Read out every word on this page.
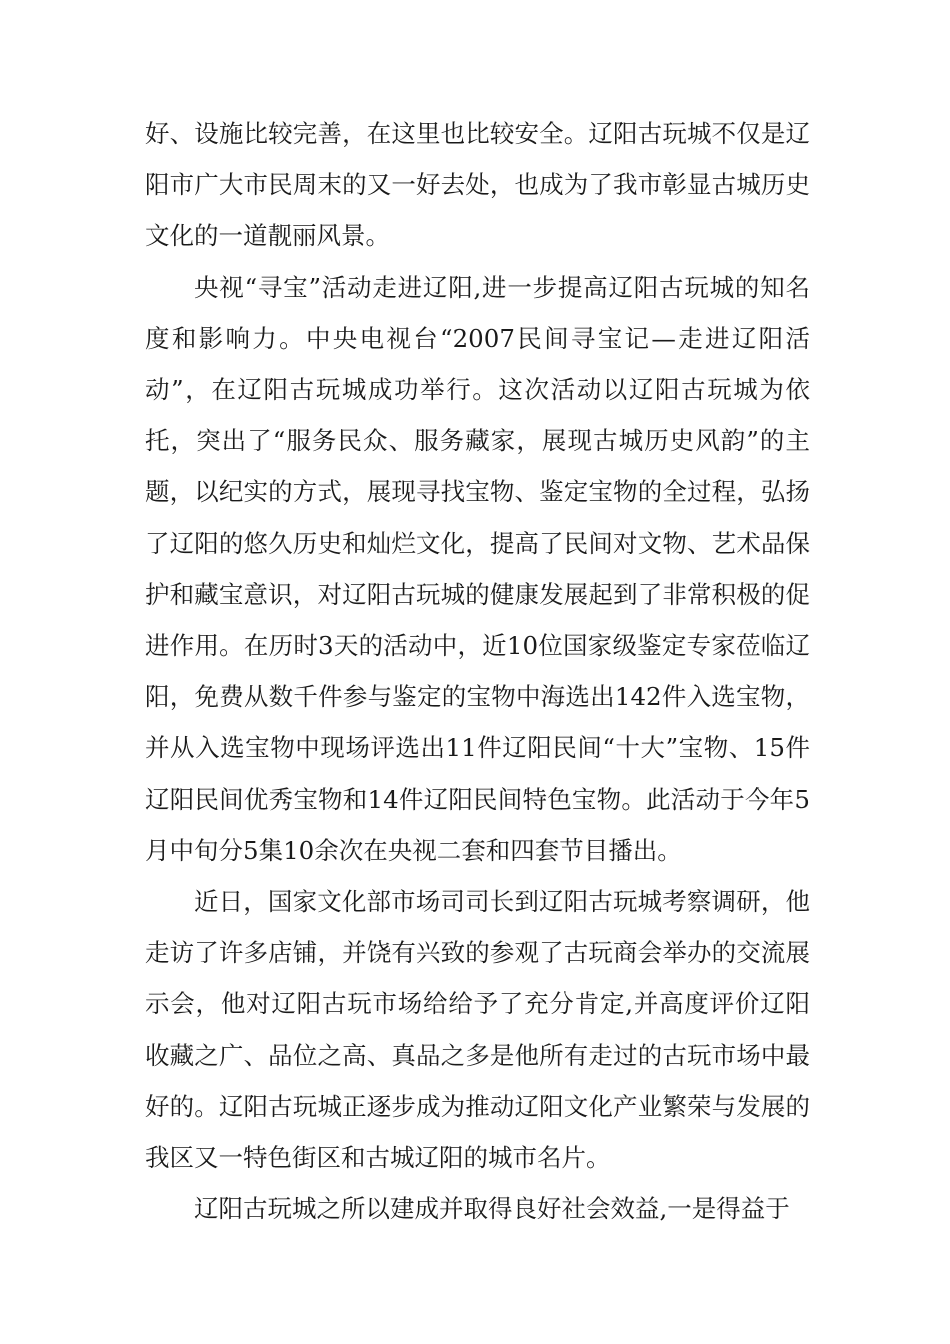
好、设施比较完善，在这里也比较安全。辽阳古玩城不仅是辽阳市广大市民周末的又一好去处，也成为了我市彰显古城历史文化的一道靓丽风景。

央视“寻宝”活动走进辽阳,进一步提高辽阳古玩城的知名度和影响力。中央电视台“2007民间寻宝记—走进辽阳活动”，在辽阳古玩城成功举行。这次活动以辽阳古玩城为依托，突出了“服务民众、服务藏家，展现古城历史风韵”的主题，以纪实的方式，展现寻找宝物、鉴定宝物的全过程，弘扬了辽阳的悠久历史和灿烂文化，提高了民间对文物、艺术品保护和藏宝意识，对辽阳古玩城的健康发展起到了非常积极的促进作用。在历时3天的活动中，近10位国家级鉴定专家莅临辽阳，免费从数千件参与鉴定的宝物中海选出142件入选宝物，并从入选宝物中现场评选出11件辽阳民间“十大”宝物、15件辽阳民间优秀宝物和14件辽阳民间特色宝物。此活动于今年5月中旬分5集10余次在央视二套和四套节目播出。

近日，国家文化部市场司司长到辽阳古玩城考察调研，他走访了许多店铺，并饶有兴致的参观了古玩商会举办的交流展示会，他对辽阳古玩市场给给予了充分肯定,并高度评价辽阳收藏之广、品位之高、真品之多是他所有走过的古玩市场中最好的。辽阳古玩城正逐步成为推动辽阳文化产业繁荣与发展的我区又一特色街区和古城辽阳的城市名片。

辽阳古玩城之所以建成并取得良好社会效益,一是得益于
